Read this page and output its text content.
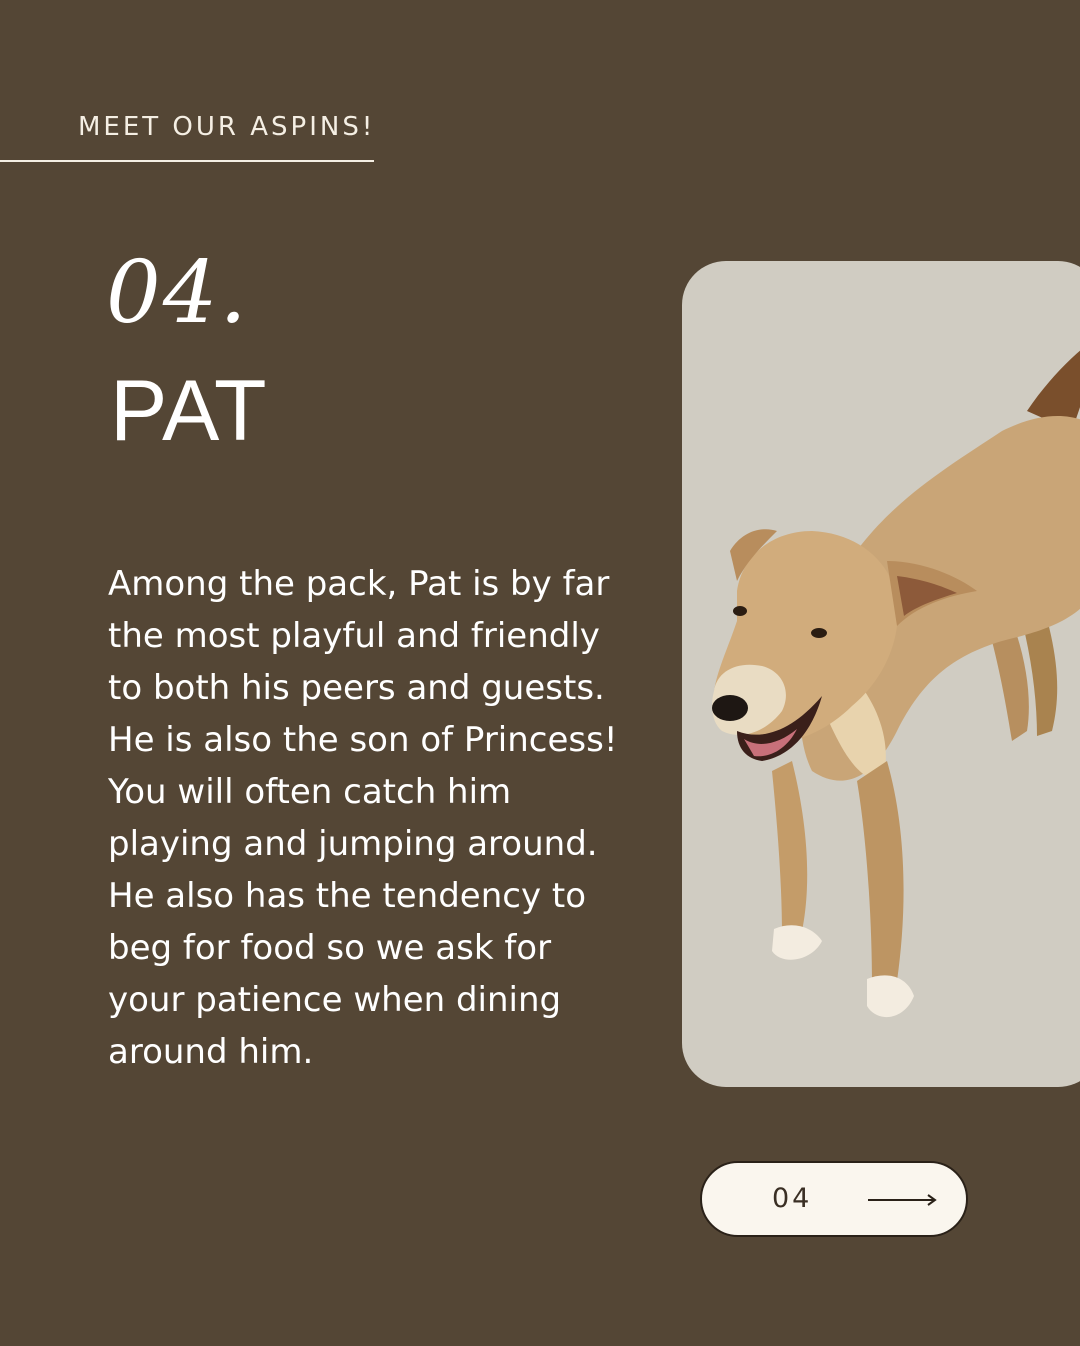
MEET OUR ASPINS!
04.
PAT

Among the pack, Pat is by far
the most playful and friendly
to both his peers and guests.
He is also the son of Princess!
You will often catch him
playing and jumping around.
He also has the tendency to
beg for food so we ask for
your patience when dining
around him.

04
